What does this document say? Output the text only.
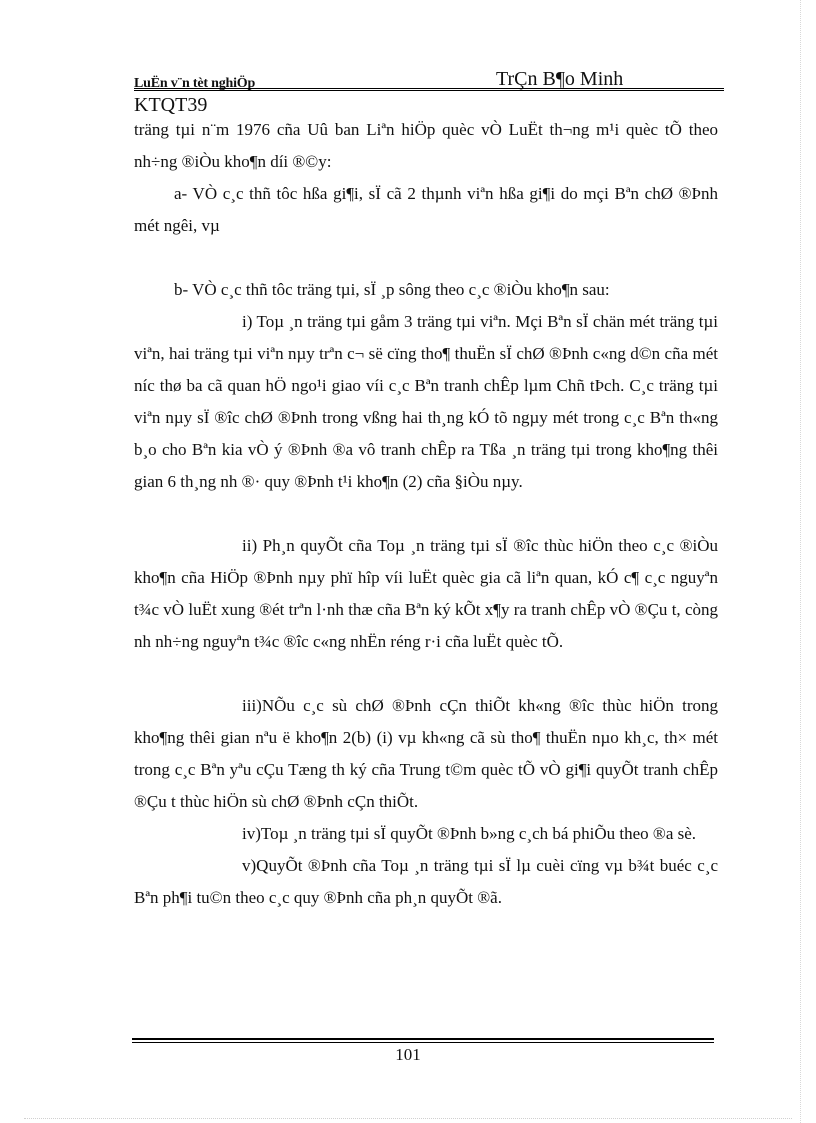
LuËn v¨n tèt nghiÖp	TrÇn B¶o Minh
KTQT39

träng tµi n¨m 1976 cña Uû ban Liªn hiÖp quèc vÒ LuËt th¬ng m¹i quèc tÕ theo nh÷ng ®iÒu kho¶n díi ®©y:

a- VÒ c¸c thñ tôc hßa gi¶i, sÏ cã 2 thµnh viªn hßa gi¶i do mçi Bªn chØ ®Þnh mét ngêi, vµ

b- VÒ c¸c thñ tôc träng tµi, sÏ ¸p sông theo c¸c ®iÒu kho¶n sau:

i) Toµ ¸n träng tµi gåm 3 träng tµi viªn. Mçi Bªn sÏ chän mét träng tµi viªn, hai träng tµi viªn nµy trªn c¬ së cïng tho¶ thuËn sÏ chØ ®Þnh c«ng d©n cña mét níc thø ba cã quan hÖ ngo¹i giao víi c¸c Bªn tranh chÊp lµm Chñ tÞch. C¸c träng tµi viªn nµy sÏ ®îc chØ ®Þnh trong vßng hai th¸ng kÓ tõ ngµy mét trong c¸c Bªn th«ng b¸o cho Bªn kia vÒ ý ®Þnh ®a vô tranh chÊp ra Tßa ¸n träng tµi trong kho¶ng thêi gian 6 th¸ng nh ®· quy ®Þnh t¹i kho¶n (2) cña §iÒu nµy.

ii) Ph¸n quyÕt cña Toµ ¸n träng tµi sÏ ®îc thùc hiÖn theo c¸c ®iÒu kho¶n cña HiÖp ®Þnh nµy phï hîp víi luËt quèc gia cã liªn quan, kÓ c¶ c¸c nguyªn t¾c vÒ luËt xung ®ét trªn l·nh thæ cña Bªn ký kÕt x¶y ra tranh chÊp vÒ ®Çu t, còng nh nh÷ng nguyªn t¾c ®îc c«ng nhËn réng r·i cña luËt quèc tÕ.

iii)NÕu c¸c sù chØ ®Þnh cÇn thiÕt kh«ng ®îc thùc hiÖn trong kho¶ng thêi gian nªu ë kho¶n 2(b) (i) vµ kh«ng cã sù tho¶ thuËn nµo kh¸c, th× mét trong c¸c Bªn yªu cÇu Tæng th ký cña Trung t©m quèc tÕ vÒ gi¶i quyÕt tranh chÊp ®Çu t thùc hiÖn sù chØ ®Þnh cÇn thiÕt.

iv)Toµ ¸n träng tµi sÏ quyÕt ®Þnh b»ng c¸ch bá phiÕu theo ®a sè.

v)QuyÕt ®Þnh cña Toµ ¸n träng tµi sÏ lµ cuèi cïng vµ b¾t buéc c¸c Bªn ph¶i tu©n theo c¸c quy ®Þnh cña ph¸n quyÕt ®ã.

101
